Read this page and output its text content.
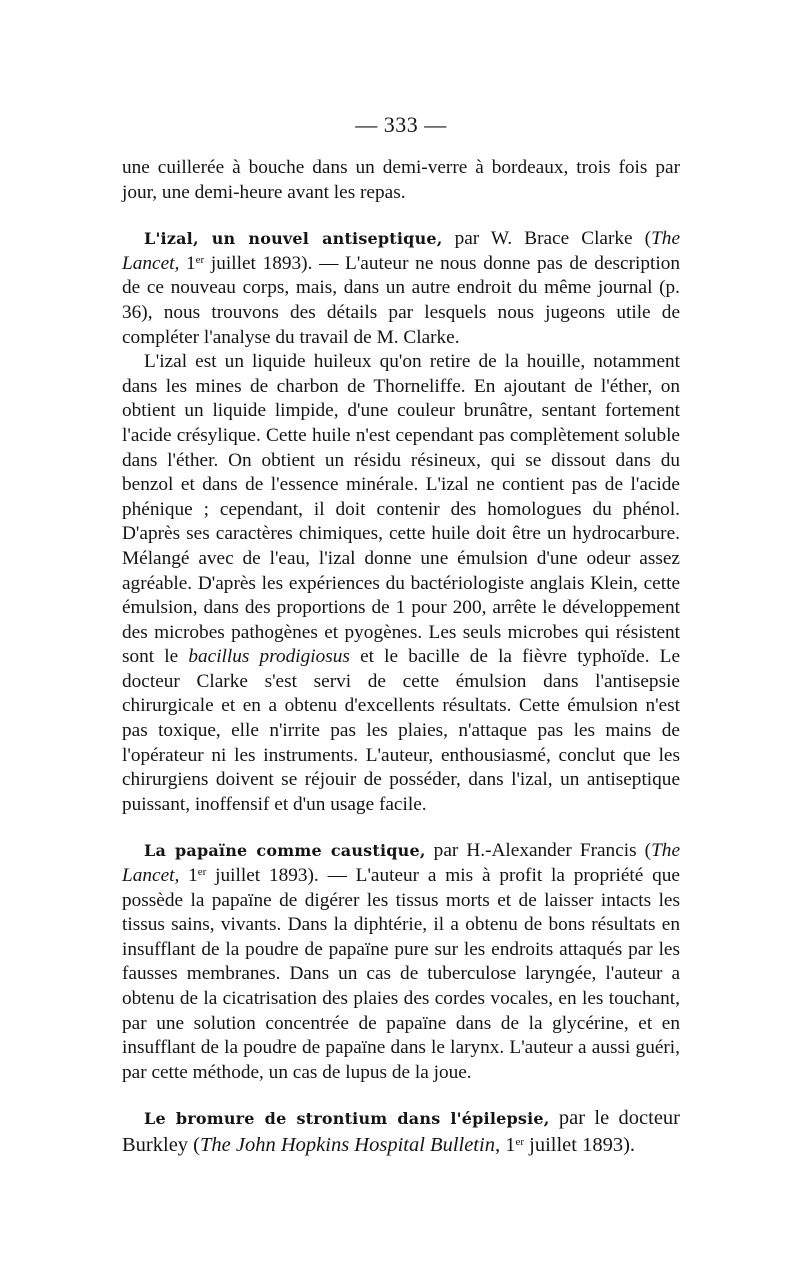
— 333 —

une cuillerée à bouche dans un demi-verre à bordeaux, trois fois par jour, une demi-heure avant les repas.

L'izal, un nouvel antiseptique, par W. Brace Clarke (The Lancet, 1er juillet 1893). — L'auteur ne nous donne pas de description de ce nouveau corps, mais, dans un autre endroit du même journal (p. 36), nous trouvons des détails par lesquels nous jugeons utile de compléter l'analyse du travail de M. Clarke.

L'izal est un liquide huileux qu'on retire de la houille, notamment dans les mines de charbon de Thorneliffe. En ajoutant de l'éther, on obtient un liquide limpide, d'une couleur brunâtre, sentant fortement l'acide crésylique. Cette huile n'est cependant pas complètement soluble dans l'éther. On obtient un résidu résineux, qui se dissout dans du benzol et dans de l'essence minérale. L'izal ne contient pas de l'acide phénique ; cependant, il doit contenir des homologues du phénol. D'après ses caractères chimiques, cette huile doit être un hydrocarbure. Mélangé avec de l'eau, l'izal donne une émulsion d'une odeur assez agréable. D'après les expériences du bactériologiste anglais Klein, cette émulsion, dans des proportions de 1 pour 200, arrête le développement des microbes pathogènes et pyogènes. Les seuls microbes qui résistent sont le bacillus prodigiosus et le bacille de la fièvre typhoïde. Le docteur Clarke s'est servi de cette émulsion dans l'antisepsie chirurgicale et en a obtenu d'excellents résultats. Cette émulsion n'est pas toxique, elle n'irrite pas les plaies, n'attaque pas les mains de l'opérateur ni les instruments. L'auteur, enthousiasmé, conclut que les chirurgiens doivent se réjouir de posséder, dans l'izal, un antiseptique puissant, inoffensif et d'un usage facile.

La papaïne comme caustique, par H.-Alexander Francis (The Lancet, 1er juillet 1893). — L'auteur a mis à profit la propriété que possède la papaïne de digérer les tissus morts et de laisser intacts les tissus sains, vivants. Dans la diphtérie, il a obtenu de bons résultats en insufflant de la poudre de papaïne pure sur les endroits attaqués par les fausses membranes. Dans un cas de tuberculose laryngée, l'auteur a obtenu de la cicatrisation des plaies des cordes vocales, en les touchant, par une solution concentrée de papaïne dans de la glycérine, et en insufflant de la poudre de papaïne dans le larynx. L'auteur a aussi guéri, par cette méthode, un cas de lupus de la joue.

Le bromure de strontium dans l'épilepsie, par le docteur Burkley (The John Hopkins Hospital Bulletin, 1er juillet 1893).
